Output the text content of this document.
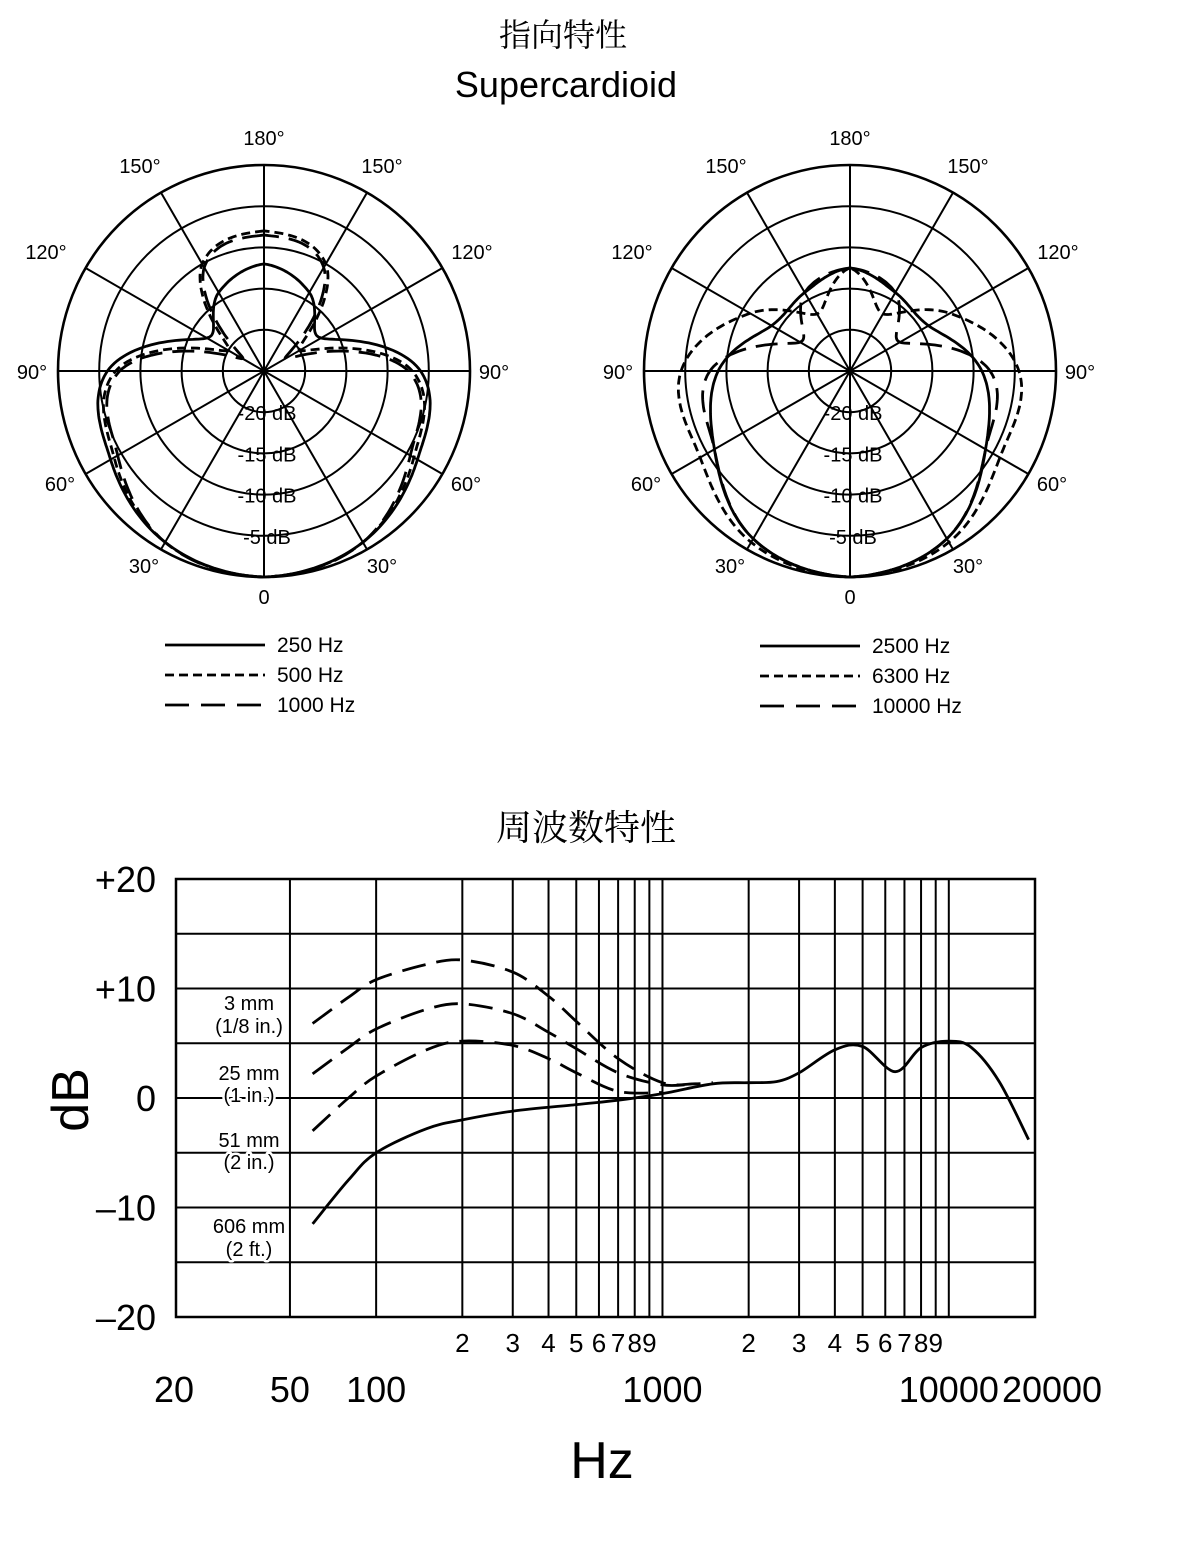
指向特性
Supercardioid
-20 dB
-15 dB
-10 dB
-5 dB
180°
150°	150°
120°	120°
90°	90°
60°	60°
30°	30°
0
250 Hz
500 Hz
1000 Hz
-20 dB
-15 dB
-10 dB
-5 dB
180°
150°	150°
120°	120°
90°	90°
60°	60°
30°	30°
0
2500 Hz
6300 Hz
10000 Hz
周波数特性
+20
+10
0
–10
–20
2 3 4 5 6 7 8 9	2 3 4 5 6 7 8 9
20 50 100	1000	10000 20000
Hz
dB
3 mm
(1/8 in.)
25 mm
(1 in.)
51 mm
(2 in.)
606 mm
(2 ft.)
